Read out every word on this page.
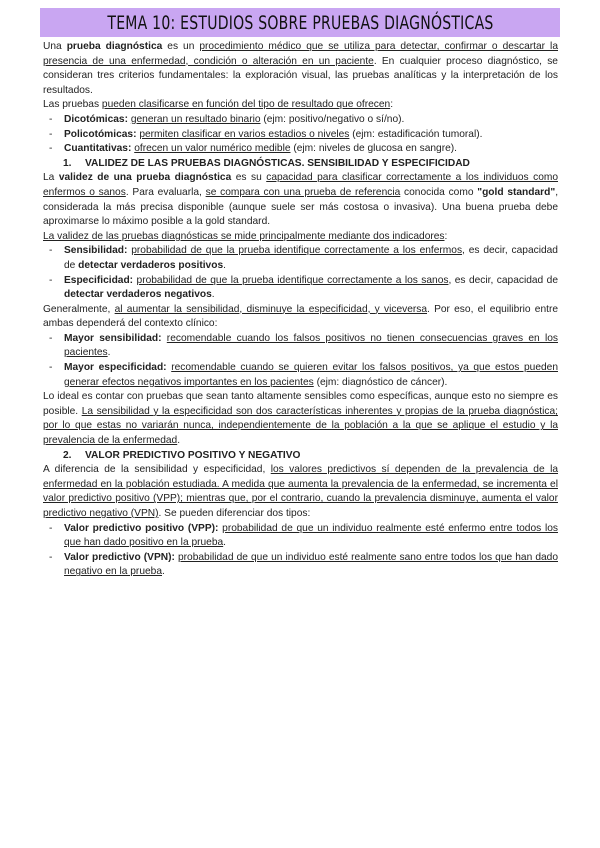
TEMA 10: ESTUDIOS SOBRE PRUEBAS DIAGNÓSTICAS

Una prueba diagnóstica es un procedimiento médico que se utiliza para detectar, confirmar o descartar la presencia de una enfermedad, condición o alteración en un paciente. En cualquier proceso diagnóstico, se consideran tres criterios fundamentales: la exploración visual, las pruebas analíticas y la interpretación de los resultados.

Las pruebas pueden clasificarse en función del tipo de resultado que ofrecen:

- Dicotómicas: generan un resultado binario (ejm: positivo/negativo o sí/no).

- Policotómicas: permiten clasificar en varios estadios o niveles (ejm: estadificación tumoral).

- Cuantitativas: ofrecen un valor numérico medible (ejm: niveles de glucosa en sangre).

1. VALIDEZ DE LAS PRUEBAS DIAGNÓSTICAS. SENSIBILIDAD Y ESPECIFICIDAD

La validez de una prueba diagnóstica es su capacidad para clasificar correctamente a los individuos como enfermos o sanos. Para evaluarla, se compara con una prueba de referencia conocida como "gold standard", considerada la más precisa disponible (aunque suele ser más costosa o invasiva). Una buena prueba debe aproximarse lo máximo posible a la gold standard.

La validez de las pruebas diagnósticas se mide principalmente mediante dos indicadores:

- Sensibilidad: probabilidad de que la prueba identifique correctamente a los enfermos, es decir, capacidad de detectar verdaderos positivos.

- Especificidad: probabilidad de que la prueba identifique correctamente a los sanos, es decir, capacidad de detectar verdaderos negativos.

Generalmente, al aumentar la sensibilidad, disminuye la especificidad, y viceversa. Por eso, el equilibrio entre ambas dependerá del contexto clínico:

- Mayor sensibilidad: recomendable cuando los falsos positivos no tienen consecuencias graves en los pacientes.

- Mayor especificidad: recomendable cuando se quieren evitar los falsos positivos, ya que estos pueden generar efectos negativos importantes en los pacientes (ejm: diagnóstico de cáncer).

Lo ideal es contar con pruebas que sean tanto altamente sensibles como específicas, aunque esto no siempre es posible. La sensibilidad y la especificidad son dos características inherentes y propias de la prueba diagnóstica; por lo que estas no variarán nunca, independientemente de la población a la que se aplique el estudio y la prevalencia de la enfermedad.

2. VALOR PREDICTIVO POSITIVO Y NEGATIVO

A diferencia de la sensibilidad y especificidad, los valores predictivos sí dependen de la prevalencia de la enfermedad en la población estudiada. A medida que aumenta la prevalencia de la enfermedad, se incrementa el valor predictivo positivo (VPP); mientras que, por el contrario, cuando la prevalencia disminuye, aumenta el valor predictivo negativo (VPN). Se pueden diferenciar dos tipos:

- Valor predictivo positivo (VPP): probabilidad de que un individuo realmente esté enfermo entre todos los que han dado positivo en la prueba.

- Valor predictivo (VPN): probabilidad de que un individuo esté realmente sano entre todos los que han dado negativo en la prueba.
